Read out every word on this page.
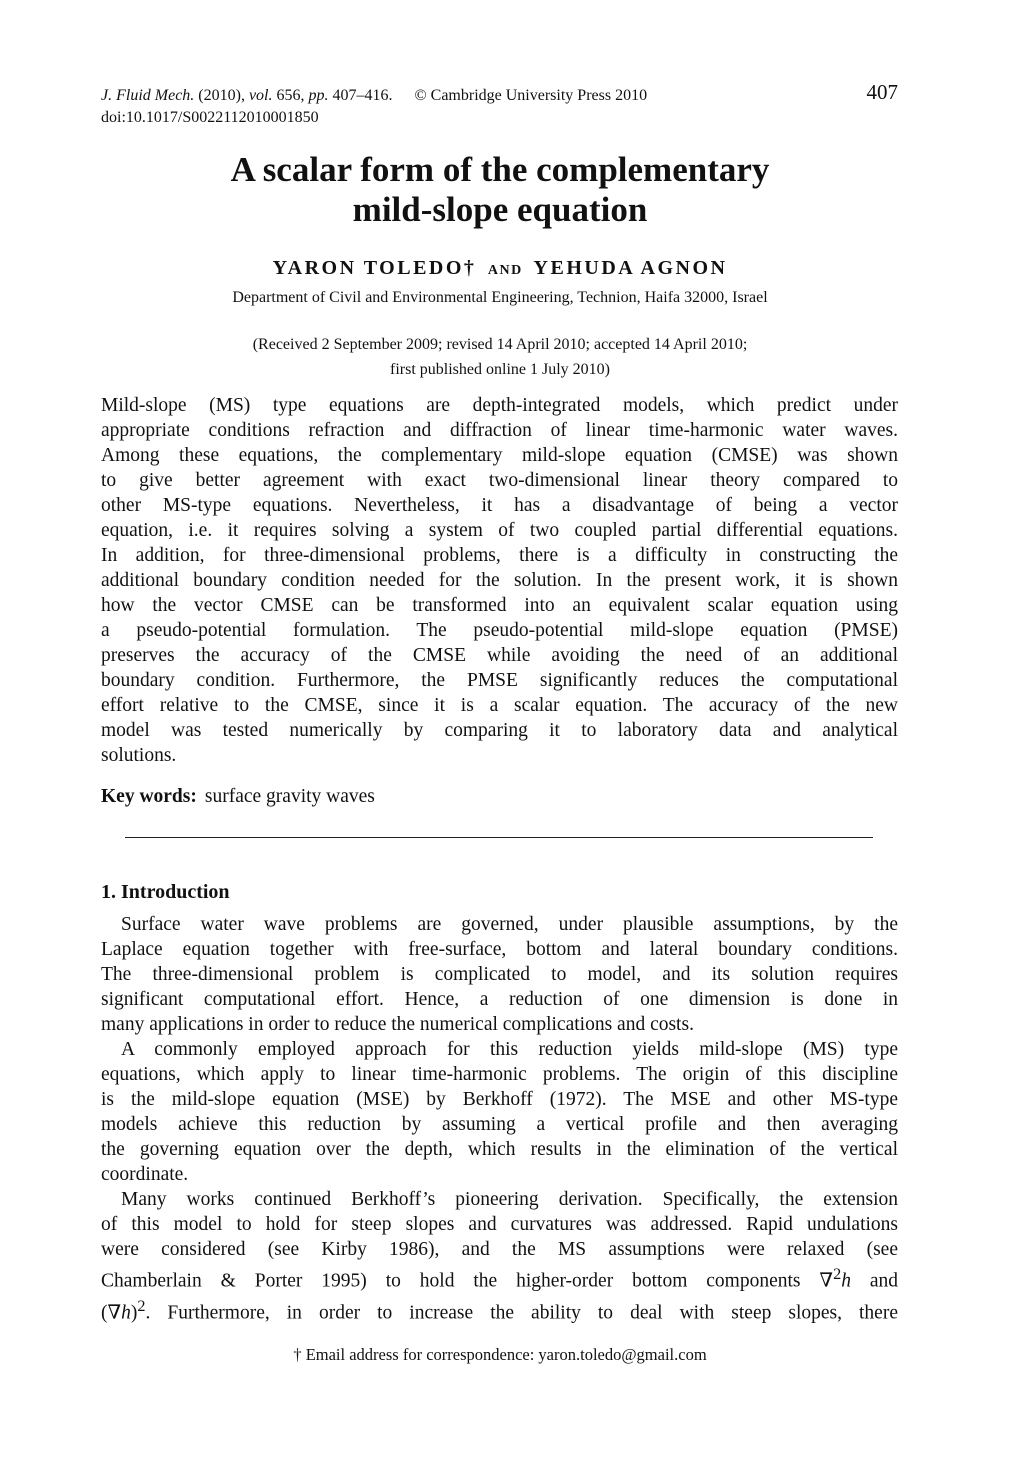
J. Fluid Mech. (2010), vol. 656, pp. 407–416. © Cambridge University Press 2010
doi:10.1017/S0022112010001850
407
A scalar form of the complementary
mild-slope equation
YARON TOLEDO† AND YEHUDA AGNON
Department of Civil and Environmental Engineering, Technion, Haifa 32000, Israel
(Received 2 September 2009; revised 14 April 2010; accepted 14 April 2010;
first published online 1 July 2010)
Mild-slope (MS) type equations are depth-integrated models, which predict under
appropriate conditions refraction and diffraction of linear time-harmonic water waves.
Among these equations, the complementary mild-slope equation (CMSE) was shown
to give better agreement with exact two-dimensional linear theory compared to
other MS-type equations. Nevertheless, it has a disadvantage of being a vector
equation, i.e. it requires solving a system of two coupled partial differential equations.
In addition, for three-dimensional problems, there is a difficulty in constructing the
additional boundary condition needed for the solution. In the present work, it is shown
how the vector CMSE can be transformed into an equivalent scalar equation using
a pseudo-potential formulation. The pseudo-potential mild-slope equation (PMSE)
preserves the accuracy of the CMSE while avoiding the need of an additional
boundary condition. Furthermore, the PMSE significantly reduces the computational
effort relative to the CMSE, since it is a scalar equation. The accuracy of the new
model was tested numerically by comparing it to laboratory data and analytical
solutions.
Key words: surface gravity waves
1. Introduction
Surface water wave problems are governed, under plausible assumptions, by the
Laplace equation together with free-surface, bottom and lateral boundary conditions.
The three-dimensional problem is complicated to model, and its solution requires
significant computational effort. Hence, a reduction of one dimension is done in
many applications in order to reduce the numerical complications and costs.
A commonly employed approach for this reduction yields mild-slope (MS) type
equations, which apply to linear time-harmonic problems. The origin of this discipline
is the mild-slope equation (MSE) by Berkhoff (1972). The MSE and other MS-type
models achieve this reduction by assuming a vertical profile and then averaging
the governing equation over the depth, which results in the elimination of the vertical
coordinate.
Many works continued Berkhoff’s pioneering derivation. Specifically, the extension
of this model to hold for steep slopes and curvatures was addressed. Rapid undulations
were considered (see Kirby 1986), and the MS assumptions were relaxed (see
Chamberlain & Porter 1995) to hold the higher-order bottom components ∇$^2$h and
$(\nabla h)^2$. Furthermore, in order to increase the ability to deal with steep slopes, there
† Email address for correspondence: yaron.toledo@gmail.com
